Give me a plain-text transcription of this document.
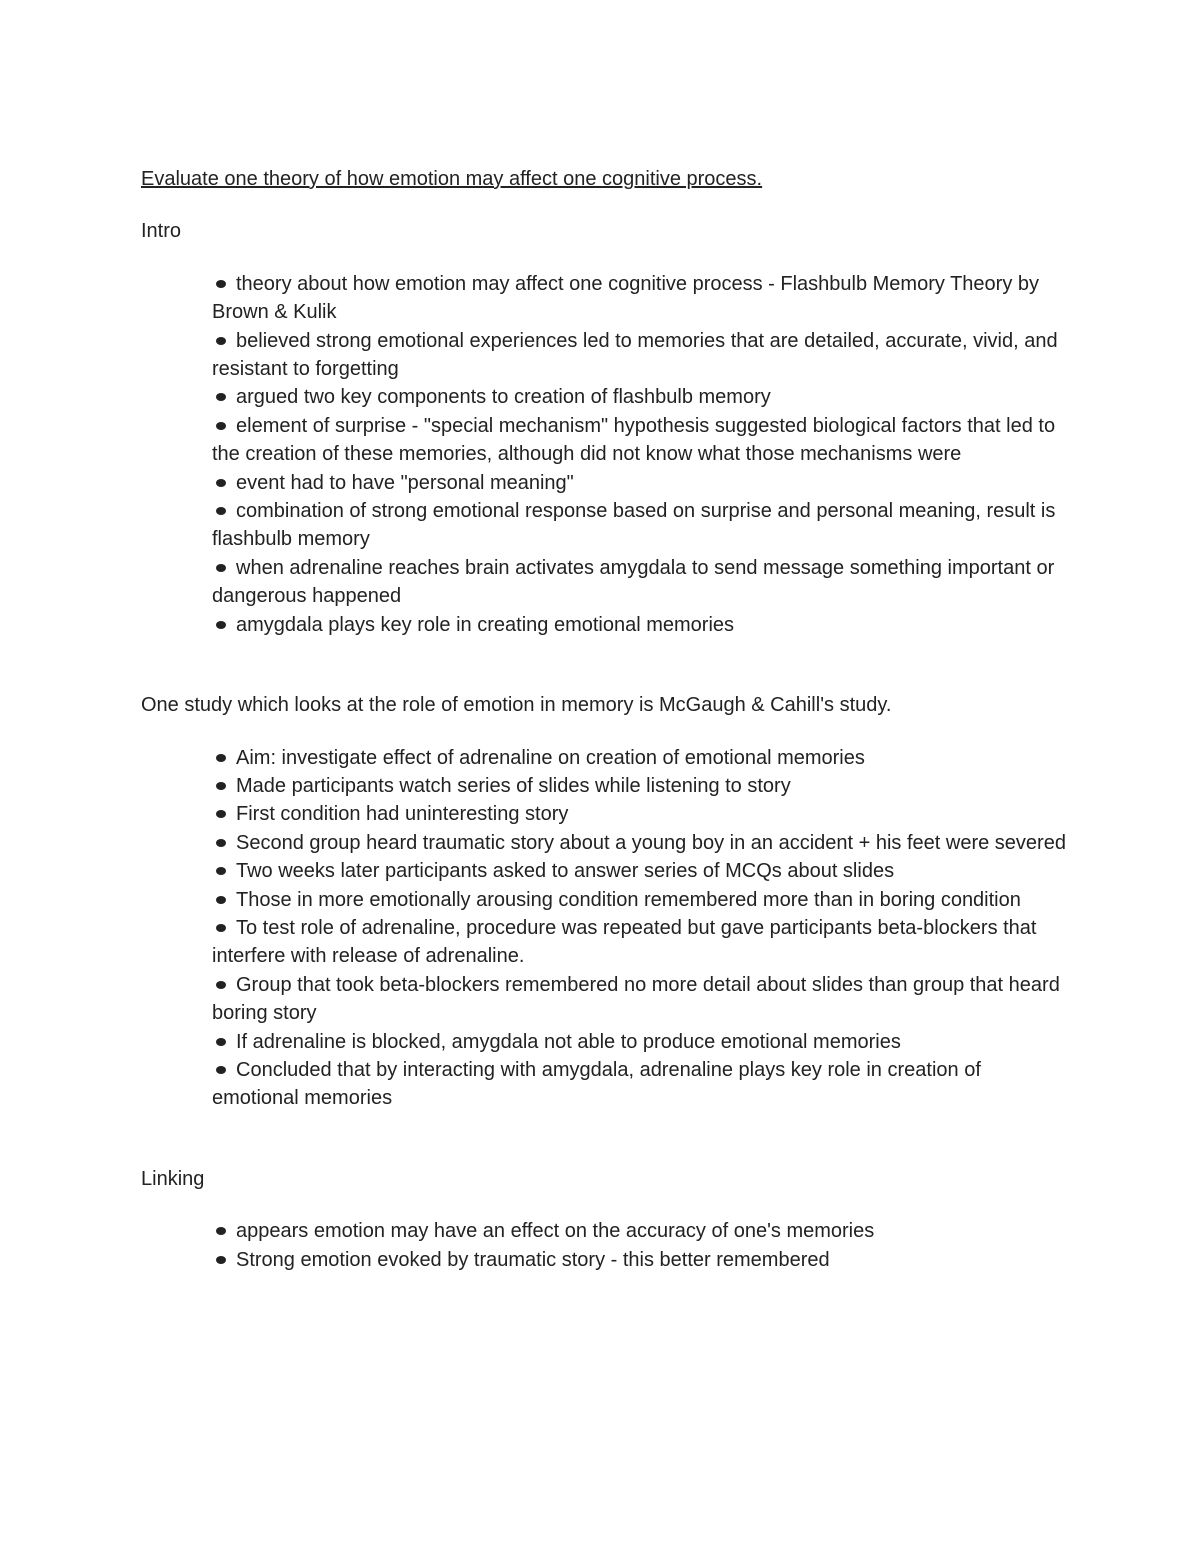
Evaluate one theory of how emotion may affect one cognitive process.
Intro
theory about how emotion may affect one cognitive process - Flashbulb Memory Theory by Brown & Kulik
believed strong emotional experiences led to memories that are detailed, accurate, vivid, and resistant to forgetting
argued two key components to creation of flashbulb memory
element of surprise - "special mechanism" hypothesis suggested biological factors that led to the creation of these memories, although did not know what those mechanisms were
event had to have "personal meaning"
combination of strong emotional response based on surprise and personal meaning, result is flashbulb memory
when adrenaline reaches brain activates amygdala to send message something important or dangerous happened
amygdala plays key role in creating emotional memories
One study which looks at the role of emotion in memory is McGaugh & Cahill's study.
Aim: investigate effect of adrenaline on creation of emotional memories
Made participants watch series of slides while listening to story
First condition had uninteresting story
Second group heard traumatic story about a young boy in an accident + his feet were severed
Two weeks later participants asked to answer series of MCQs about slides
Those in more emotionally arousing condition remembered more than in boring condition
To test role of adrenaline, procedure was repeated but gave participants beta-blockers that
interfere with release of adrenaline.
Group that took beta-blockers remembered no more detail about slides than group that heard boring story
If adrenaline is blocked, amygdala not able to produce emotional memories
Concluded that by interacting with amygdala, adrenaline plays key role in creation of emotional memories
Linking
appears emotion may have an effect on the accuracy of one's memories
Strong emotion evoked by traumatic story - this better remembered
